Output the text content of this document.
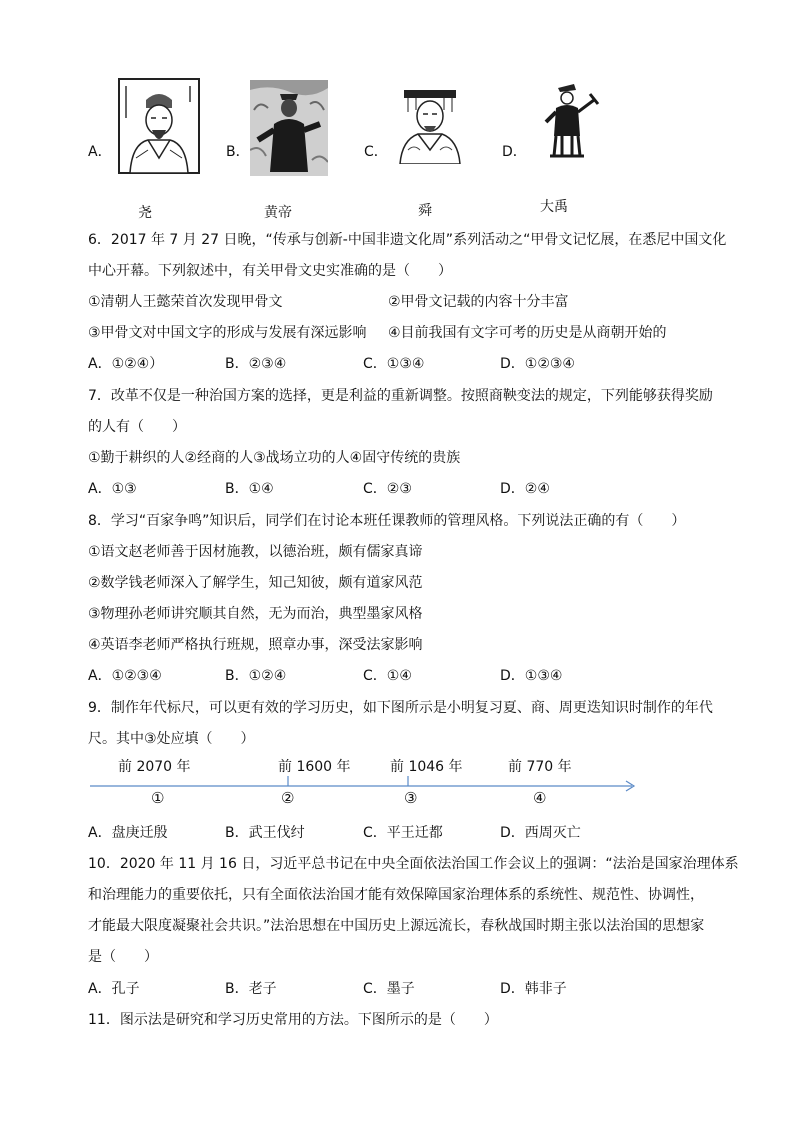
A．
尧
B．
黄帝
C．
舜
D．
大禹
6．2017 年 7 月 27 日晚，“传承与创新-中国非遗文化周”系列活动之“甲骨文记忆展，在悉尼中国文化
中心开幕。下列叙述中，有关甲骨文史实准确的是（　　）
①清朝人王懿荣首次发现甲骨文	②甲骨文记载的内容十分丰富
③甲骨文对中国文字的形成与发展有深远影响 ④目前我国有文字可考的历史是从商朝开始的
A．①②④）	B．②③④	C．①③④	D．①②③④
7．改革不仅是一种治国方案的选择，更是利益的重新调整。按照商鞅变法的规定，下列能够获得奖励
的人有（　　）
①勤于耕织的人②经商的人③战场立功的人④固守传统的贵族
A．①③	B．①④	C．②③	D．②④
8．学习“百家争鸣”知识后，同学们在讨论本班任课教师的管理风格。下列说法正确的有（　　）
①语文赵老师善于因材施教，以德治班，颇有儒家真谛
②数学钱老师深入了解学生，知己知彼，颇有道家风范
③物理孙老师讲究顺其自然，无为而治，典型墨家风格
④英语李老师严格执行班规，照章办事，深受法家影响
A．①②③④	B．①②④	C．①④	D．①③④
9．制作年代标尺，可以更有效的学习历史，如下图所示是小明复习夏、商、周更迭知识时制作的年代
尺。其中③处应填（　　）
前 2070 年	前 1600 年	前 1046 年	前 770 年
①	②	③	④
A．盘庚迁殷	B．武王伐纣	C．平王迁都	D．西周灭亡
10．2020 年 11 月 16 日，习近平总书记在中央全面依法治国工作会议上的强调：“法治是国家治理体系
和治理能力的重要依托，只有全面依法治国才能有效保障国家治理体系的系统性、规范性、协调性，
才能最大限度凝聚社会共识。”法治思想在中国历史上源远流长，春秋战国时期主张以法治国的思想家
是（　　）
A．孔子	B．老子	C．墨子	D．韩非子
11．图示法是研究和学习历史常用的方法。下图所示的是（　　）
